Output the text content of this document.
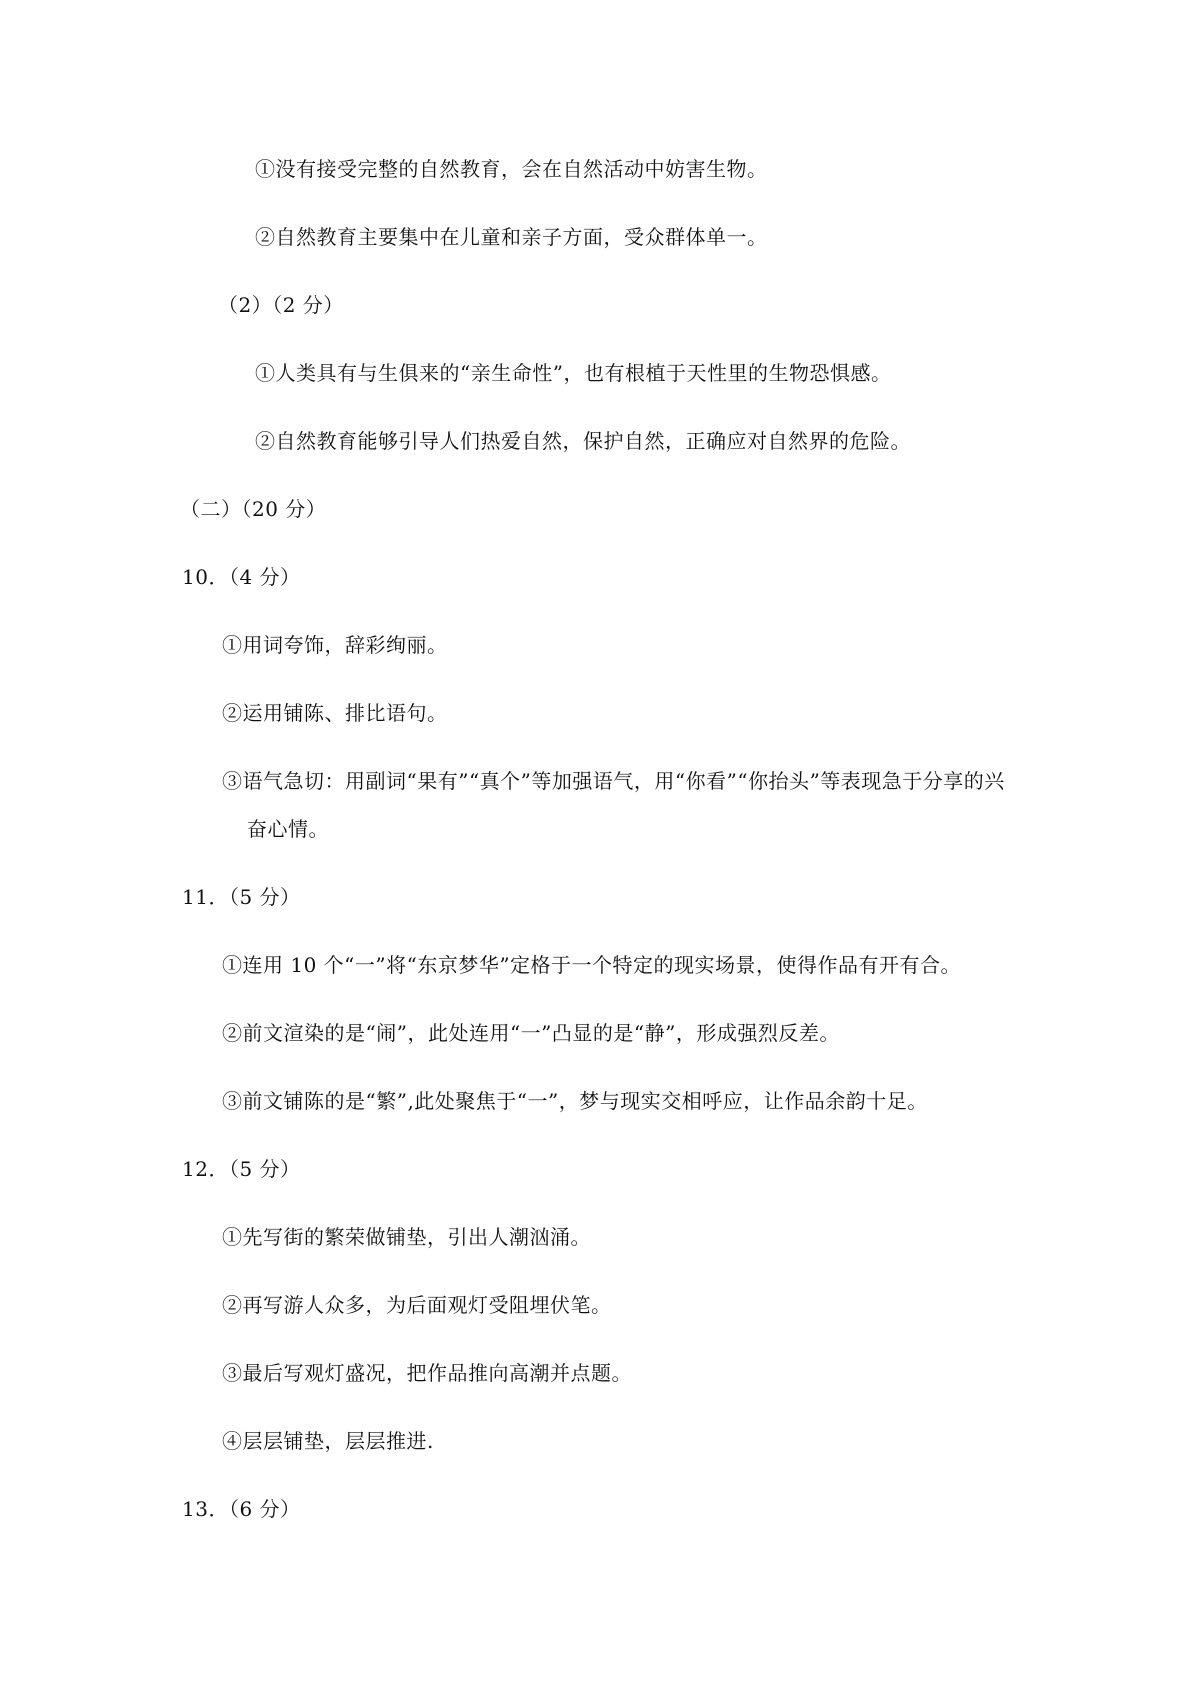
①没有接受完整的自然教育，会在自然活动中妨害生物。
②自然教育主要集中在儿童和亲子方面，受众群体单一。
（2）（2 分）
①人类具有与生俱来的“亲生命性”，也有根植于天性里的生物恐惧感。
②自然教育能够引导人们热爱自然，保护自然，正确应对自然界的危险。
（二）（20 分）
10．（4 分）
①用词夸饰，辞彩绚丽。
②运用铺陈、排比语句。
③语气急切：用副词“果有”“真个”等加强语气，用“你看”“你抬头”等表现急于分享的兴
奋心情。
11．（5 分）
①连用 10 个“一”将“东京梦华”定格于一个特定的现实场景，使得作品有开有合。
②前文渲染的是“闹”，此处连用“一”凸显的是“静”，形成强烈反差。
③前文铺陈的是“繁”,此处聚焦于“一”，梦与现实交相呼应，让作品余韵十足。
12．（5 分）
①先写街的繁荣做铺垫，引出人潮汹涌。
②再写游人众多，为后面观灯受阻埋伏笔。
③最后写观灯盛况，把作品推向高潮并点题。
④层层铺垫，层层推进.
13．（6 分）
